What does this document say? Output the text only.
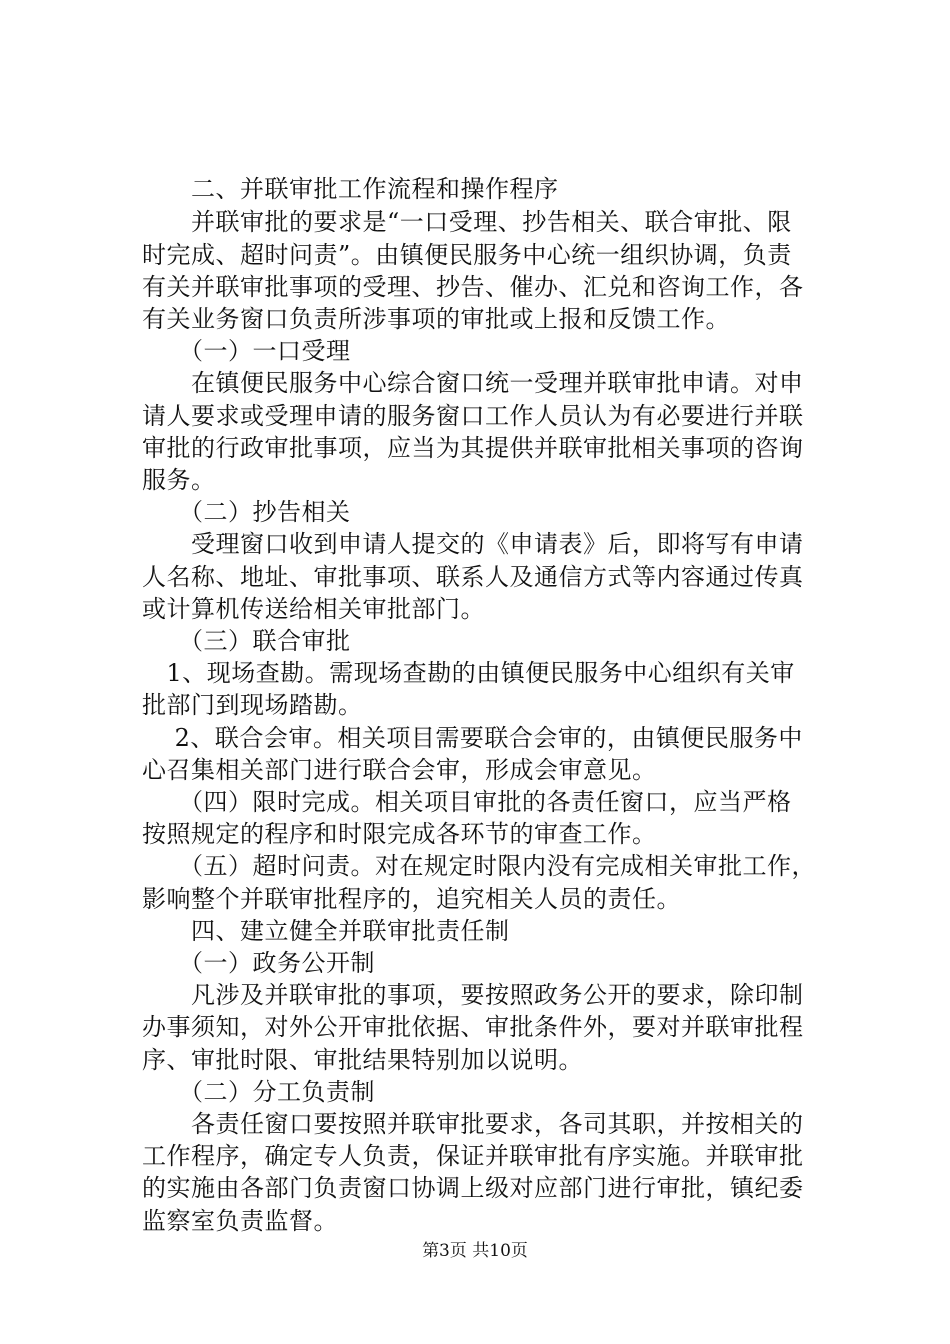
　　二、并联审批工作流程和操作程序
　　并联审批的要求是“一口受理、抄告相关、联合审批、限
时完成、超时问责”。由镇便民服务中心统一组织协调，负责
有关并联审批事项的受理、抄告、催办、汇兑和咨询工作，各
有关业务窗口负责所涉事项的审批或上报和反馈工作。
　　（一）一口受理
　　在镇便民服务中心综合窗口统一受理并联审批申请。对申
请人要求或受理申请的服务窗口工作人员认为有必要进行并联
审批的行政审批事项，应当为其提供并联审批相关事项的咨询
服务。
　　（二）抄告相关
　　受理窗口收到申请人提交的《申请表》后，即将写有申请
人名称、地址、审批事项、联系人及通信方式等内容通过传真
或计算机传送给相关审批部门。
　　（三）联合审批
　1、现场查勘。需现场查勘的由镇便民服务中心组织有关审
批部门到现场踏勘。
　 2、联合会审。相关项目需要联合会审的，由镇便民服务中
心召集相关部门进行联合会审，形成会审意见。
　　（四）限时完成。相关项目审批的各责任窗口，应当严格
按照规定的程序和时限完成各环节的审查工作。
　　（五）超时问责。对在规定时限内没有完成相关审批工作，
影响整个并联审批程序的，追究相关人员的责任。
　　四、建立健全并联审批责任制
　　（一）政务公开制
　　凡涉及并联审批的事项，要按照政务公开的要求，除印制
办事须知，对外公开审批依据、审批条件外，要对并联审批程
序、审批时限、审批结果特别加以说明。
　　（二）分工负责制
　　各责任窗口要按照并联审批要求，各司其职，并按相关的
工作程序，确定专人负责，保证并联审批有序实施。并联审批
的实施由各部门负责窗口协调上级对应部门进行审批，镇纪委
监察室负责监督。
第3页 共10页
